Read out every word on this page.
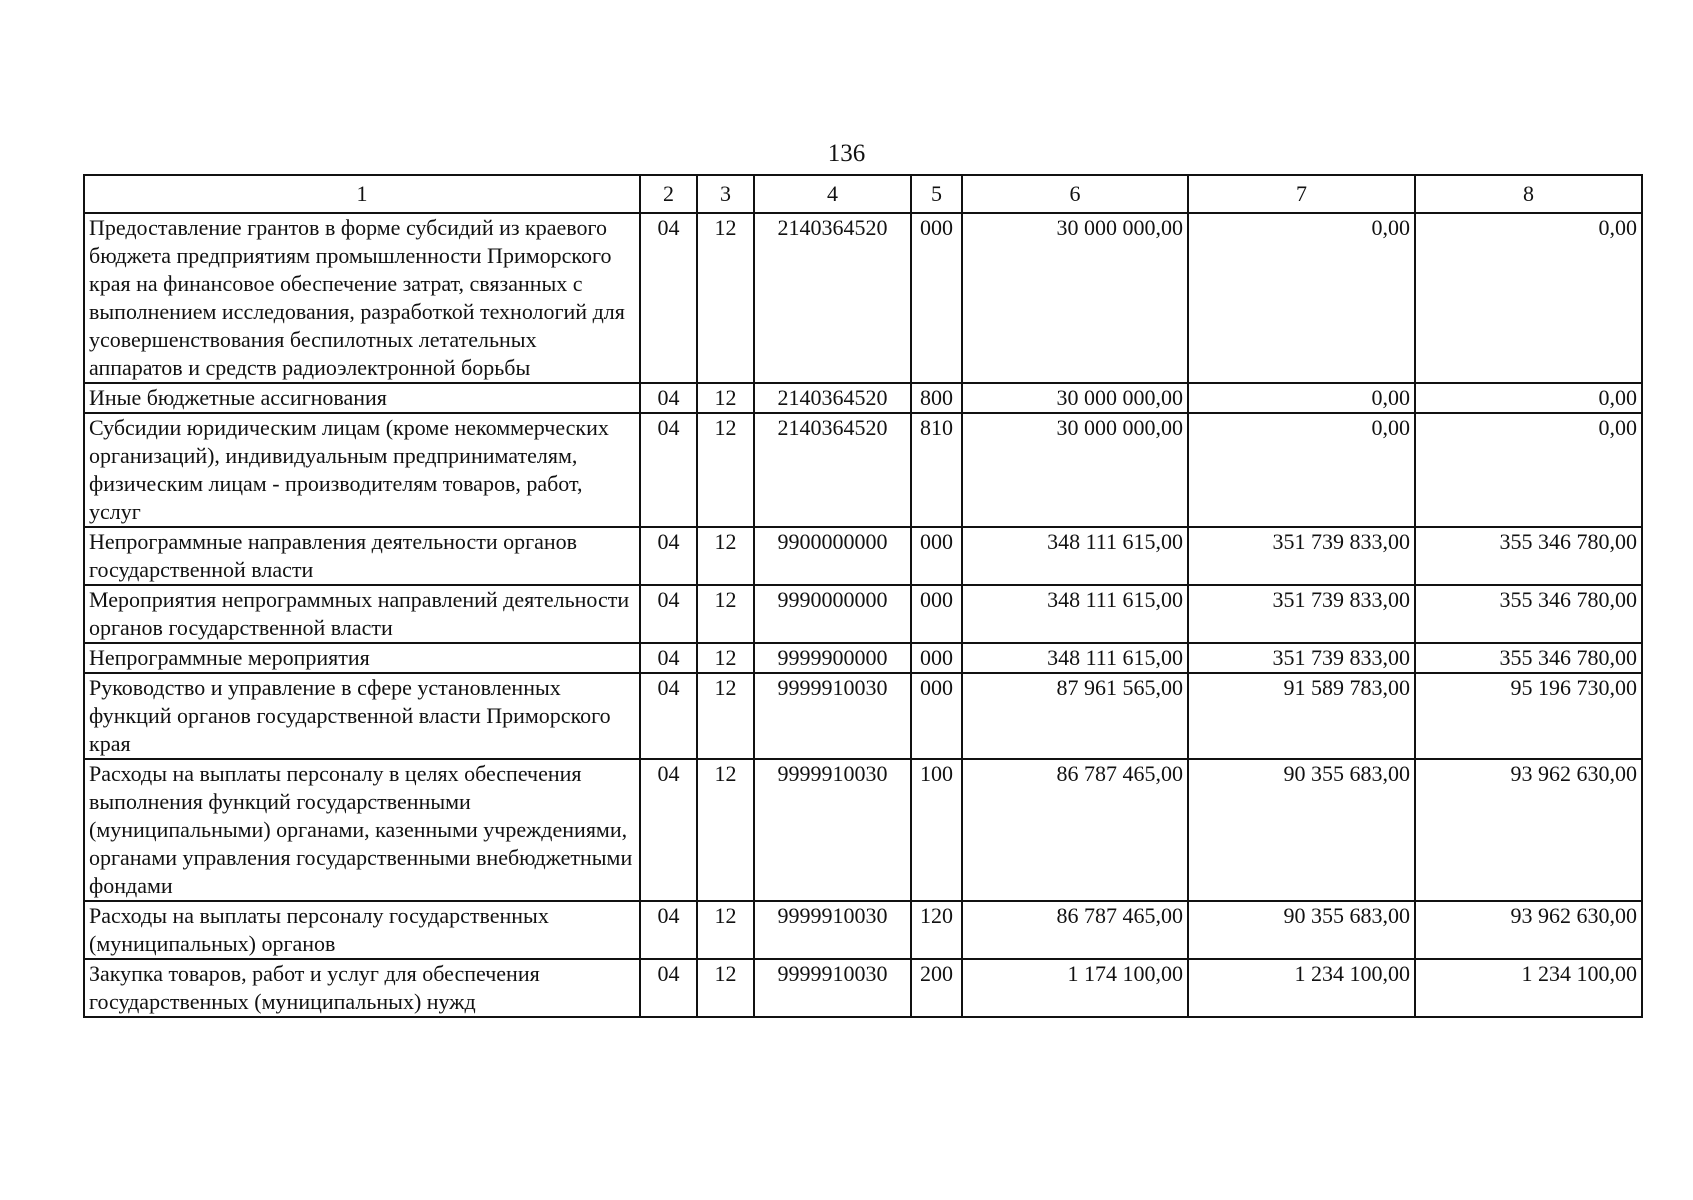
136
1	2	3	4	5	6	7	8
Предоставление грантов в форме субсидий из краевого бюджета предприятиям промышленности Приморского края на финансовое обеспечение затрат, связанных с выполнением исследования, разработкой технологий для усовершенствования беспилотных летательных аппаратов и средств радиоэлектронной борьбы	04	12	2140364520	000	30 000 000,00	0,00	0,00
Иные бюджетные ассигнования	04	12	2140364520	800	30 000 000,00	0,00	0,00
Субсидии юридическим лицам (кроме некоммерческих организаций), индивидуальным предпринимателям, физическим лицам - производителям товаров, работ, услуг	04	12	2140364520	810	30 000 000,00	0,00	0,00
Непрограммные направления деятельности органов государственной власти	04	12	9900000000	000	348 111 615,00	351 739 833,00	355 346 780,00
Мероприятия непрограммных направлений деятельности органов государственной власти	04	12	9990000000	000	348 111 615,00	351 739 833,00	355 346 780,00
Непрограммные мероприятия	04	12	9999900000	000	348 111 615,00	351 739 833,00	355 346 780,00
Руководство и управление в сфере установленных функций органов государственной власти Приморского края	04	12	9999910030	000	87 961 565,00	91 589 783,00	95 196 730,00
Расходы на выплаты персоналу в целях обеспечения выполнения функций государственными (муниципальными) органами, казенными учреждениями, органами управления государственными внебюджетными фондами	04	12	9999910030	100	86 787 465,00	90 355 683,00	93 962 630,00
Расходы на выплаты персоналу государственных (муниципальных) органов	04	12	9999910030	120	86 787 465,00	90 355 683,00	93 962 630,00
Закупка товаров, работ и услуг для обеспечения государственных (муниципальных) нужд	04	12	9999910030	200	1 174 100,00	1 234 100,00	1 234 100,00
